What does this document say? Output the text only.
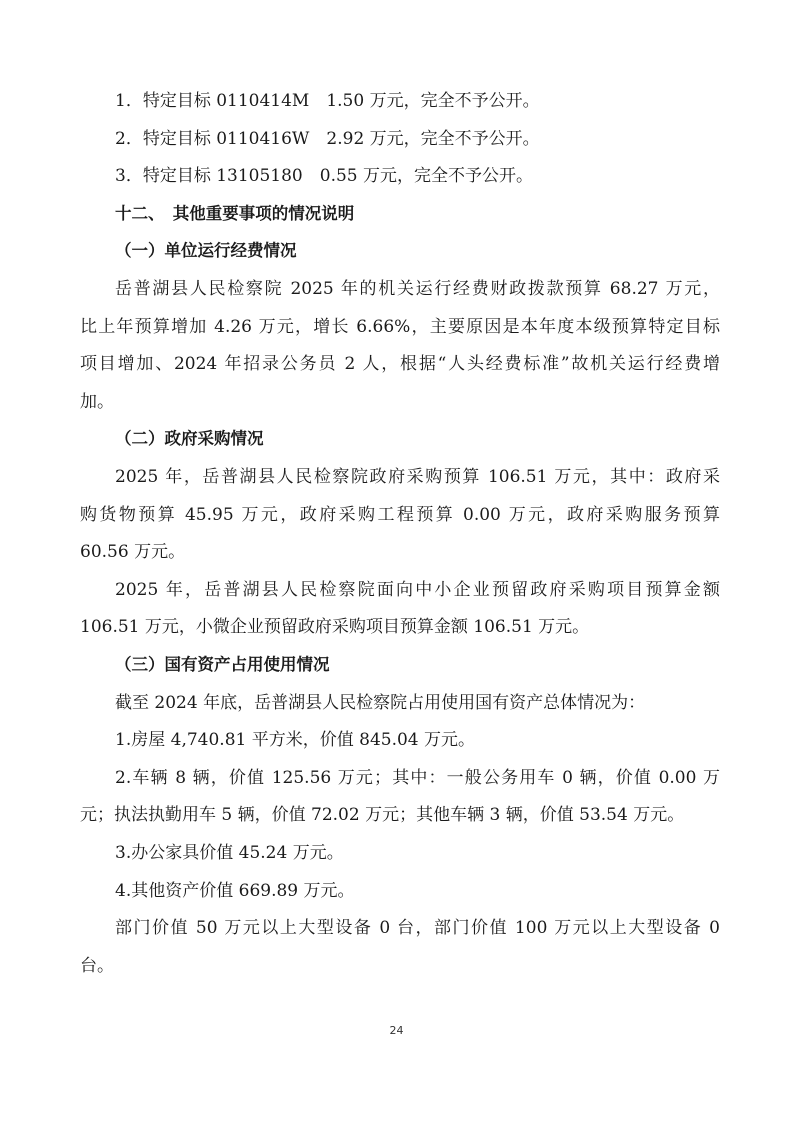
1．特定目标 0110414M　1.50 万元，完全不予公开。
2．特定目标 0110416W　2.92 万元，完全不予公开。
3．特定目标 13105180　0.55 万元，完全不予公开。
十二、　其他重要事项的情况说明
（一）单位运行经费情况
岳普湖县人民检察院 2025 年的机关运行经费财政拨款预算 68.27 万元，
比上年预算增加 4.26 万元，增长 6.66%，主要原因是本年度本级预算特定目标
项目增加、2024 年招录公务员 2 人，根据“人头经费标准”故机关运行经费增
加。
（二）政府采购情况
2025 年，岳普湖县人民检察院政府采购预算 106.51 万元，其中：政府采
购货物预算 45.95 万元，政府采购工程预算 0.00 万元，政府采购服务预算
60.56 万元。
2025 年，岳普湖县人民检察院面向中小企业预留政府采购项目预算金额
106.51 万元，小微企业预留政府采购项目预算金额 106.51 万元。
（三）国有资产占用使用情况
截至 2024 年底，岳普湖县人民检察院占用使用国有资产总体情况为：
1.房屋 4,740.81 平方米，价值 845.04 万元。
2.车辆 8 辆，价值 125.56 万元；其中：一般公务用车 0 辆，价值 0.00 万
元；执法执勤用车 5 辆，价值 72.02 万元；其他车辆 3 辆，价值 53.54 万元。
3.办公家具价值 45.24 万元。
4.其他资产价值 669.89 万元。
部门价值 50 万元以上大型设备 0 台，部门价值 100 万元以上大型设备 0
台。
24
